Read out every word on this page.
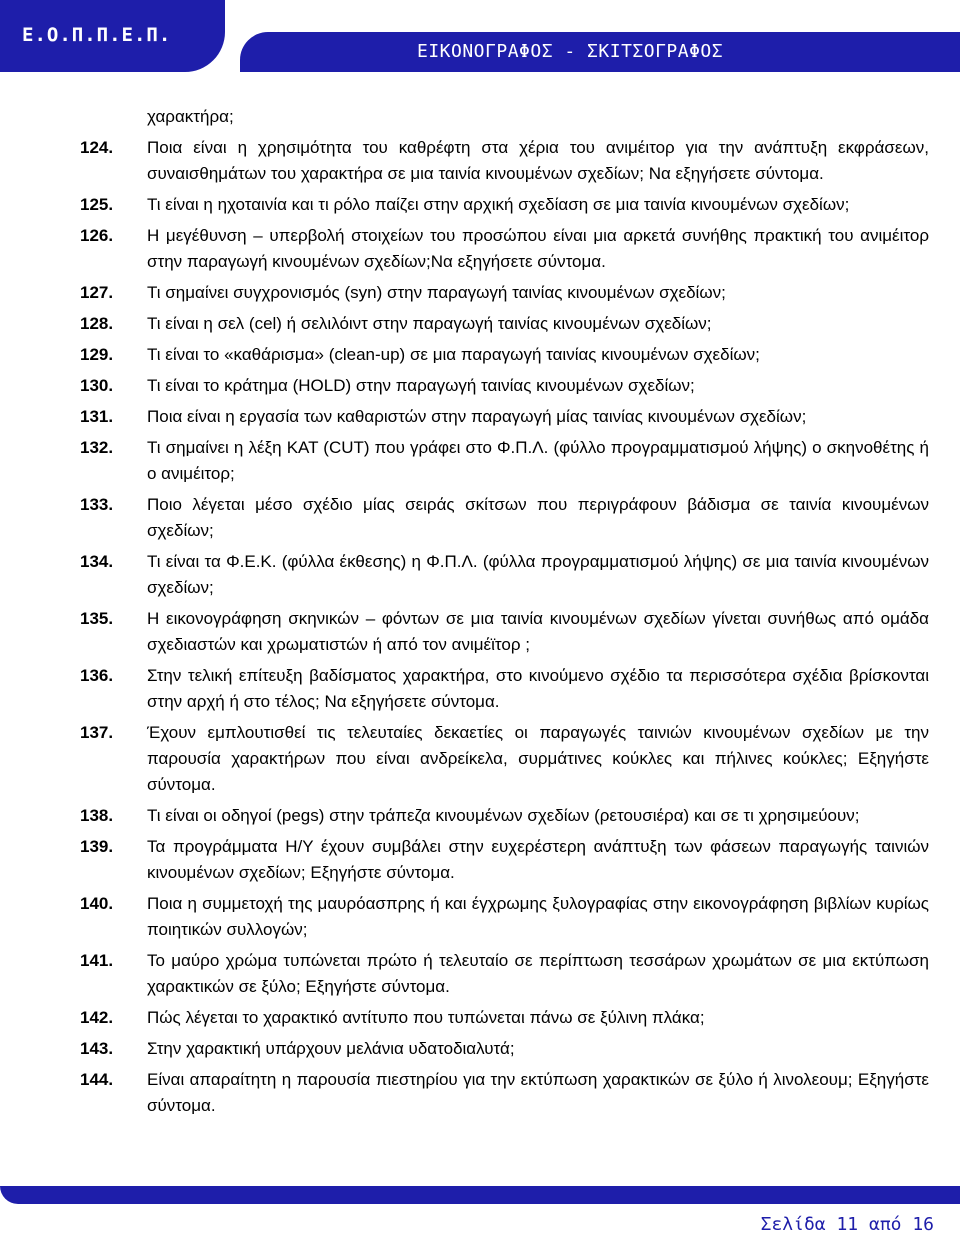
Ε.Ο.Π.Π.Ε.Π.
ΕΙΚΟΝΟΓΡΑΦΟΣ - ΣΚΙΤΣΟΓΡΑΦΟΣ
χαρακτήρα;
124. Ποια είναι η χρησιμότητα του καθρέφτη στα χέρια του ανιμέιτορ για την ανάπτυξη εκφράσεων, συναισθημάτων του χαρακτήρα σε μια ταινία κινουμένων σχεδίων; Να εξηγήσετε σύντομα.
125. Τι είναι η ηχοταινία και τι ρόλο παίζει στην αρχική σχεδίαση σε μια ταινία κινουμένων σχεδίων;
126. Η μεγέθυνση – υπερβολή στοιχείων του προσώπου είναι μια αρκετά συνήθης πρακτική του ανιμέιτορ στην παραγωγή κινουμένων σχεδίων;Να εξηγήσετε σύντομα.
127. Τι σημαίνει συγχρονισμός (syn) στην παραγωγή ταινίας κινουμένων σχεδίων;
128. Τι είναι η σελ (cel) ή σελιλόιντ στην παραγωγή ταινίας κινουμένων σχεδίων;
129. Τι είναι το «καθάρισμα» (clean-up) σε μια παραγωγή ταινίας κινουμένων σχεδίων;
130. Τι είναι το κράτημα (HOLD) στην παραγωγή ταινίας κινουμένων σχεδίων;
131. Ποια είναι η εργασία των καθαριστών στην παραγωγή μίας ταινίας κινουμένων σχεδίων;
132. Τι σημαίνει η λέξη ΚΑΤ (CUT) που γράφει στο Φ.Π.Λ. (φύλλο προγραμματισμού λήψης) ο σκηνοθέτης ή ο ανιμέιτορ;
133. Ποιο λέγεται μέσο σχέδιο μίας σειράς σκίτσων που περιγράφουν βάδισμα σε ταινία κινουμένων σχεδίων;
134. Τι είναι τα Φ.Ε.Κ. (φύλλα έκθεσης) η Φ.Π.Λ. (φύλλα προγραμματισμού λήψης) σε μια ταινία κινουμένων σχεδίων;
135. Η εικονογράφηση σκηνικών – φόντων σε μια ταινία κινουμένων σχεδίων γίνεται συνήθως από ομάδα σχεδιαστών και χρωματιστών ή από τον ανιμέϊτορ ;
136. Στην τελική επίτευξη βαδίσματος χαρακτήρα, στο κινούμενο σχέδιο τα περισσότερα σχέδια βρίσκονται στην αρχή ή στο τέλος; Να εξηγήσετε σύντομα.
137. Έχουν εμπλουτισθεί τις τελευταίες δεκαετίες οι παραγωγές ταινιών κινουμένων σχεδίων με την παρουσία χαρακτήρων που είναι ανδρείκελα, συρμάτινες κούκλες και πήλινες κούκλες; Εξηγήστε σύντομα.
138. Τι είναι οι οδηγοί (pegs) στην τράπεζα κινουμένων σχεδίων (ρετουσιέρα) και σε τι χρησιμεύουν;
139. Τα προγράμματα Η/Υ έχουν συμβάλει στην ευχερέστερη ανάπτυξη των φάσεων παραγωγής ταινιών κινουμένων σχεδίων; Εξηγήστε σύντομα.
140. Ποια η συμμετοχή της μαυρόασπρης ή και έγχρωμης ξυλογραφίας στην εικονογράφηση βιβλίων κυρίως ποιητικών συλλογών;
141. Το μαύρο χρώμα τυπώνεται πρώτο ή τελευταίο σε περίπτωση τεσσάρων χρωμάτων σε μια εκτύπωση χαρακτικών σε ξύλο; Εξηγήστε σύντομα.
142. Πώς λέγεται το χαρακτικό αντίτυπο που τυπώνεται πάνω σε ξύλινη πλάκα;
143. Στην χαρακτική υπάρχουν μελάνια υδατοδιαλυτά;
144. Είναι απαραίτητη η παρουσία πιεστηρίου για την εκτύπωση χαρακτικών σε ξύλο ή λινολεουμ; Εξηγήστε σύντομα.
Σελίδα 11 από 16
